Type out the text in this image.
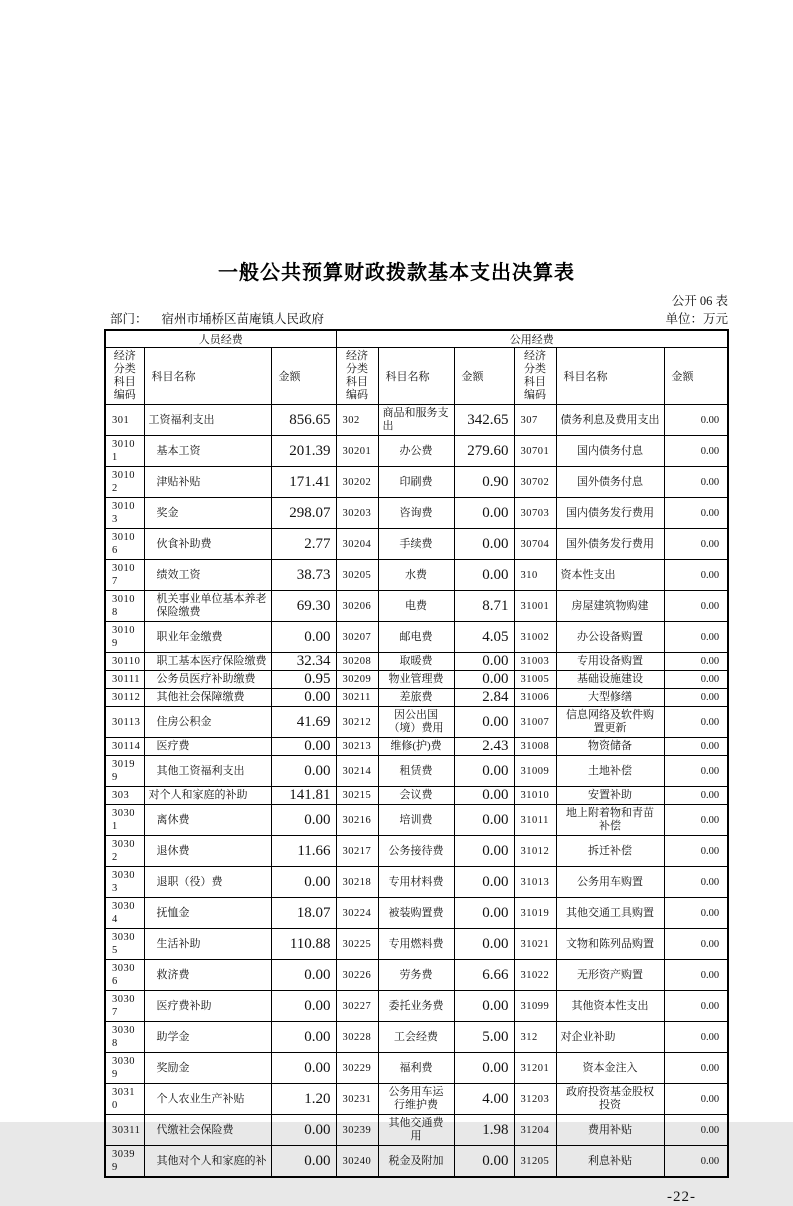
一般公共预算财政拨款基本支出决算表
公开 06 表
部门： 宿州市埇桥区苗庵镇人民政府	单位：万元
人员经费			公用经费					
经济分类科目编码	科目名称	金额	经济分类科目编码	科目名称	金额	经济分类科目编码	科目名称	金额
301	工资福利支出	856.65	302	商品和服务支出	342.65	307	债务利息及费用支出	0.00
30101	基本工资	201.39	30201	办公费	279.60	30701	国内债务付息	0.00
30102	津贴补贴	171.41	30202	印刷费	0.90	30702	国外债务付息	0.00
30103	奖金	298.07	30203	咨询费	0.00	30703	国内债务发行费用	0.00
30106	伙食补助费	2.77	30204	手续费	0.00	30704	国外债务发行费用	0.00
30107	绩效工资	38.73	30205	水费	0.00	310	资本性支出	0.00
30108	机关事业单位基本养老保险缴费	69.30	30206	电费	8.71	31001	房屋建筑物购建	0.00
30109	职业年金缴费	0.00	30207	邮电费	4.05	31002	办公设备购置	0.00
30110	职工基本医疗保险缴费	32.34	30208	取暖费	0.00	31003	专用设备购置	0.00
30111	公务员医疗补助缴费	0.95	30209	物业管理费	0.00	31005	基础设施建设	0.00
30112	其他社会保障缴费	0.00	30211	差旅费	2.84	31006	大型修缮	0.00
30113	住房公积金	41.69	30212	因公出国（境）费用	0.00	31007	信息网络及软件购置更新	0.00
30114	医疗费	0.00	30213	维修(护)费	2.43	31008	物资储备	0.00
30199	其他工资福利支出	0.00	30214	租赁费	0.00	31009	土地补偿	0.00
303	对个人和家庭的补助	141.81	30215	会议费	0.00	31010	安置补助	0.00
30301	离休费	0.00	30216	培训费	0.00	31011	地上附着物和青苗补偿	0.00
30302	退休费	11.66	30217	公务接待费	0.00	31012	拆迁补偿	0.00
30303	退职（役）费	0.00	30218	专用材料费	0.00	31013	公务用车购置	0.00
30304	抚恤金	18.07	30224	被装购置费	0.00	31019	其他交通工具购置	0.00
30305	生活补助	110.88	30225	专用燃料费	0.00	31021	文物和陈列品购置	0.00
30306	救济费	0.00	30226	劳务费	6.66	31022	无形资产购置	0.00
30307	医疗费补助	0.00	30227	委托业务费	0.00	31099	其他资本性支出	0.00
30308	助学金	0.00	30228	工会经费	5.00	312	对企业补助	0.00
30309	奖励金	0.00	30229	福利费	0.00	31201	资本金注入	0.00
30310	个人农业生产补贴	1.20	30231	公务用车运行维护费	4.00	31203	政府投资基金股权投资	0.00
30311	代缴社会保险费	0.00	30239	其他交通费用	1.98	31204	费用补贴	0.00
30399	其他对个人和家庭的补	0.00	30240	税金及附加	0.00	31205	利息补贴	0.00
-22-
